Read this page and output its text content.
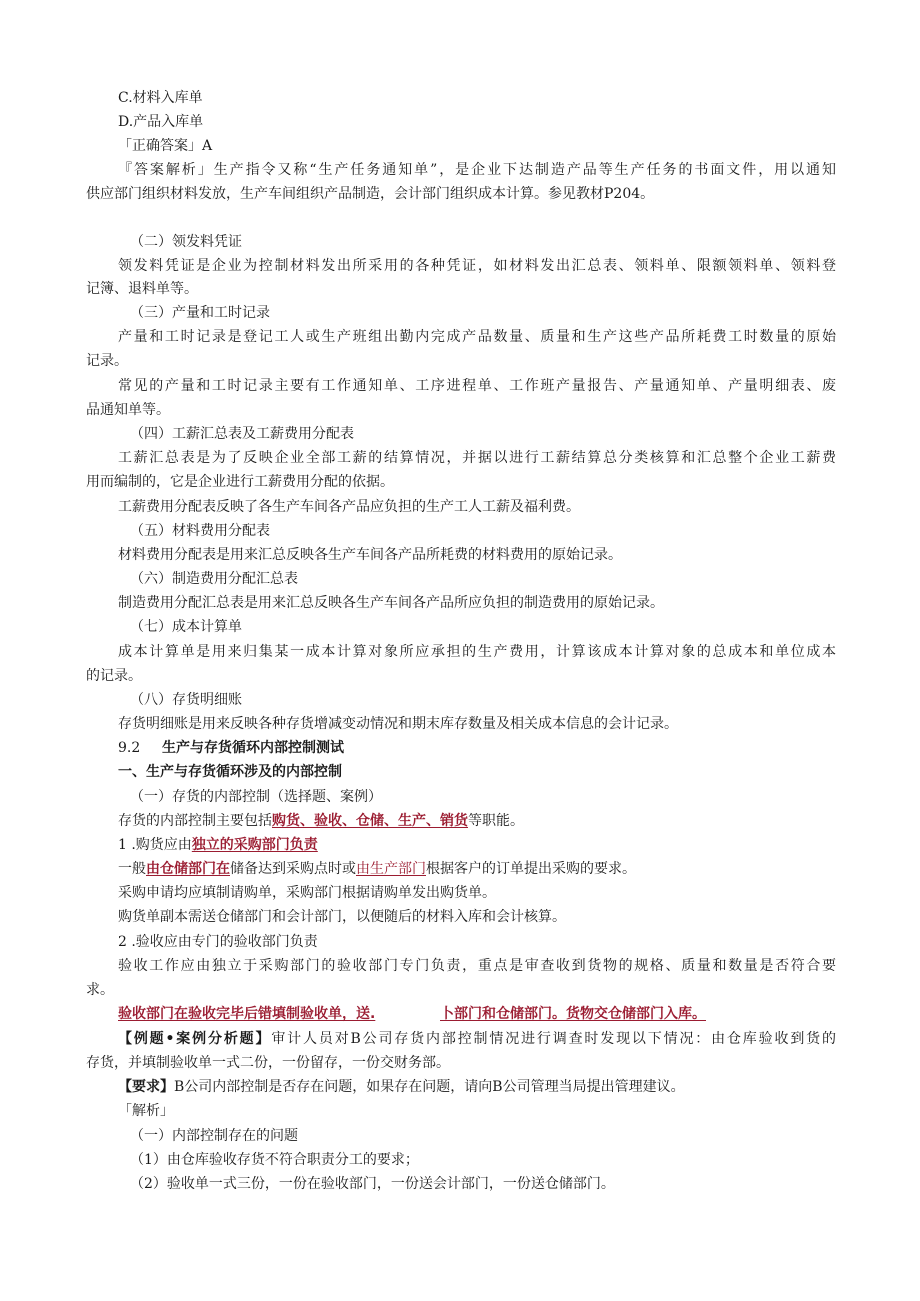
C.材料入库单
D.产品入库单
「正确答案」A
『答案解析」生产指令又称“生产任务通知单”，是企业下达制造产品等生产任务的书面文件，用以通知
供应部门组织材料发放，生产车间组织产品制造，会计部门组织成本计算。参见教材P204。
（二）领发料凭证
领发料凭证是企业为控制材料发出所采用的各种凭证，如材料发出汇总表、领料单、限额领料单、领料登
记簿、退料单等。
（三）产量和工时记录
产量和工时记录是登记工人或生产班组出勤内完成产品数量、质量和生产这些产品所耗费工时数量的原始
记录。
常见的产量和工时记录主要有工作通知单、工序进程单、工作班产量报告、产量通知单、产量明细表、废
品通知单等。
（四）工薪汇总表及工薪费用分配表
工薪汇总表是为了反映企业全部工薪的结算情况，并据以进行工薪结算总分类核算和汇总整个企业工薪费
用而编制的，它是企业进行工薪费用分配的依据。
工薪费用分配表反映了各生产车间各产品应负担的生产工人工薪及福利费。
（五）材料费用分配表
材料费用分配表是用来汇总反映各生产车间各产品所耗费的材料费用的原始记录。
（六）制造费用分配汇总表
制造费用分配汇总表是用来汇总反映各生产车间各产品所应负担的制造费用的原始记录。
（七）成本计算单
成本计算单是用来归集某一成本计算对象所应承担的生产费用，计算该成本计算对象的总成本和单位成本
的记录。
（八）存货明细账
存货明细账是用来反映各种存货增减变动情况和期末库存数量及相关成本信息的会计记录。
9.2 生产与存货循环内部控制测试
一、生产与存货循环涉及的内部控制
（一）存货的内部控制（选择题、案例）
存货的内部控制主要包括购货、验收、仓储、生产、销货等职能。
1 .购货应由独立的采购部门负责
一般由仓储部门在储备达到采购点时或由生产部门根据客户的订单提出采购的要求。
采购申请均应填制请购单，采购部门根据请购单发出购货单。
购货单副本需送仓储部门和会计部门，以便随后的材料入库和会计核算。
2 .验收应由专门的验收部门负责
验收工作应由独立于采购部门的验收部门专门负责，重点是审查收到货物的规格、质量和数量是否符合要
求。
验收部门在验收完毕后错填制验收单，送.	卜部门和仓储部门。货物交仓储部门入库。
【例题•案例分析题】审计人员对B公司存货内部控制情况进行调查时发现以下情况：由仓库验收到货的
存货，并填制验收单一式二份，一份留存，一份交财务部。
【要求】B公司内部控制是否存在问题，如果存在问题，请向B公司管理当局提出管理建议。
「解析」
（一）内部控制存在的问题
（1）由仓库验收存货不符合职责分工的要求；
（2）验收单一式三份，一份在验收部门，一份送会计部门，一份送仓储部门。
